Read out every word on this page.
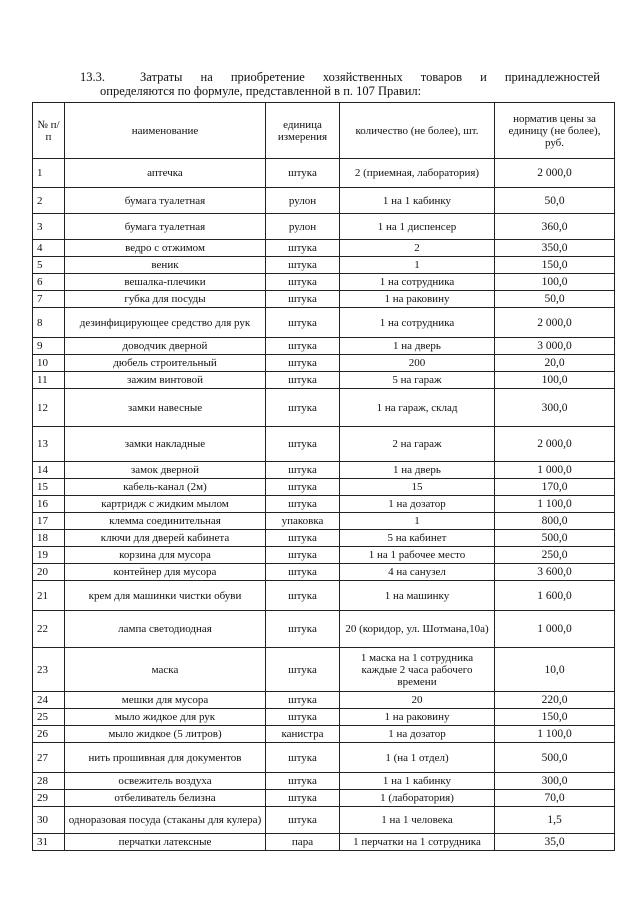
13.3.	Затраты на приобретение хозяйственных товаров и принадлежностей
определяются по формуле, представленной в п. 107 Правил:
№ п/п	наименование	единица измерения	количество (не более), шт.	норматив цены за единицу (не более), руб.
1	аптечка	штука	2 (приемная, лаборатория)	2 000,0
2	бумага туалетная	рулон	1 на 1 кабинку	50,0
3	бумага туалетная	рулон	1 на 1 диспенсер	360,0
4	ведро с отжимом	штука	2	350,0
5	веник	штука	1	150,0
6	вешалка-плечики	штука	1 на сотрудника	100,0
7	губка для посуды	штука	1 на раковину	50,0
8	дезинфицирующее средство для рук	штука	1 на сотрудника	2 000,0
9	доводчик дверной	штука	1 на дверь	3 000,0
10	дюбель строительный	штука	200	20,0
11	зажим винтовой	штука	5 на гараж	100,0
12	замки навесные	штука	1 на гараж, склад	300,0
13	замки накладные	штука	2 на гараж	2 000,0
14	замок дверной	штука	1 на дверь	1 000,0
15	кабель-канал (2м)	штука	15	170,0
16	картридж с жидким мылом	штука	1 на дозатор	1 100,0
17	клемма соединительная	упаковка	1	800,0
18	ключи для дверей кабинета	штука	5 на кабинет	500,0
19	корзина для мусора	штука	1 на 1 рабочее место	250,0
20	контейнер для мусора	штука	4 на санузел	3 600,0
21	крем для машинки чистки обуви	штука	1 на машинку	1 600,0
22	лампа светодиодная	штука	20 (коридор, ул. Шотмана,10а)	1 000,0
23	маска	штука	1 маска на 1 сотрудника каждые 2 часа рабочего времени	10,0
24	мешки для мусора	штука	20	220,0
25	мыло жидкое для рук	штука	1 на раковину	150,0
26	мыло жидкое (5 литров)	канистра	1 на дозатор	1 100,0
27	нить прошивная для документов	штука	1 (на 1 отдел)	500,0
28	освежитель воздуха	штука	1 на 1 кабинку	300,0
29	отбеливатель белизна	штука	1 (лаборатория)	70,0
30	одноразовая посуда (стаканы для кулера)	штука	1 на 1 человека	1,5
31	перчатки латексные	пара	1 перчатки на 1 сотрудника	35,0
